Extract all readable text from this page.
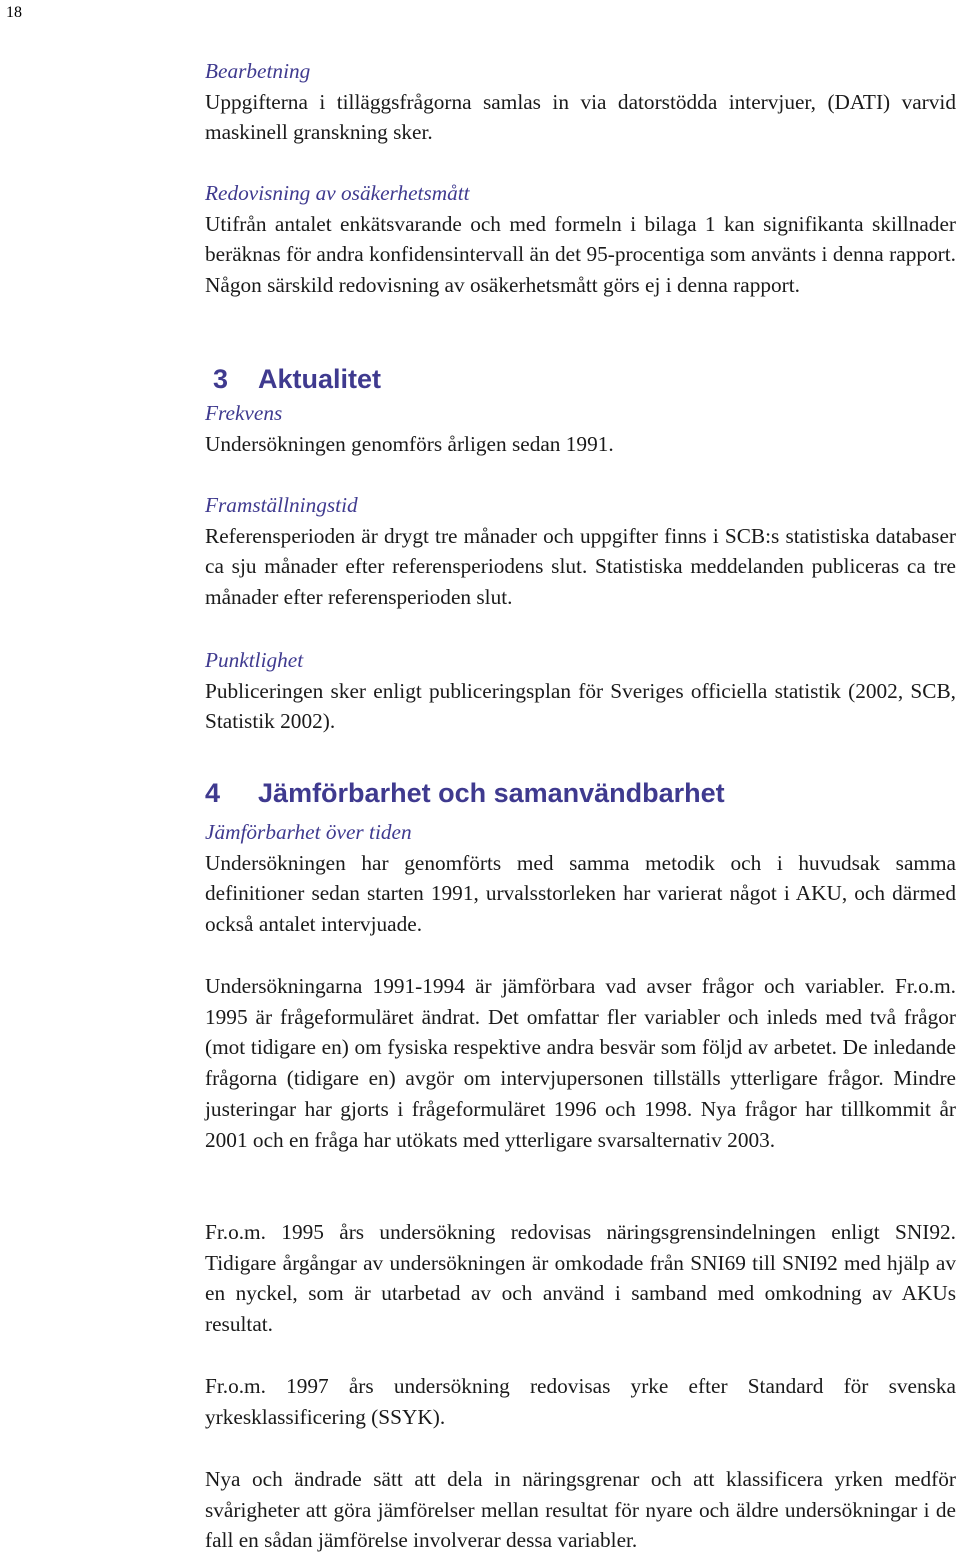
18
Bearbetning
Uppgifterna i tilläggsfrågorna samlas in via datorstödda intervjuer, (DATI) varvid maskinell granskning sker.
Redovisning av osäkerhetsmått
Utifrån antalet enkätsvarande och med formeln i bilaga 1 kan signifikanta skillnader beräknas för andra konfidensintervall än det 95-procentiga som använts i denna rapport. Någon särskild redovisning av osäkerhetsmått görs ej i denna rapport.
3 Aktualitet
Frekvens
Undersökningen genomförs årligen sedan 1991.
Framställningstid
Referensperioden är drygt tre månader och uppgifter finns i SCB:s statistiska databaser ca sju månader efter referensperiodens slut. Statistiska meddelanden publiceras ca tre månader efter referensperioden slut.
Punktlighet
Publiceringen sker enligt publiceringsplan för Sveriges officiella statistik (2002, SCB, Statistik 2002).
4 Jämförbarhet och samanvändbarhet
Jämförbarhet över tiden
Undersökningen har genomförts med samma metodik och i huvudsak samma definitioner sedan starten 1991, urvalsstorleken har varierat något i AKU, och därmed också antalet intervjuade.
Undersökningarna 1991-1994 är jämförbara vad avser frågor och variabler. Fr.o.m. 1995 är frågeformuläret ändrat. Det omfattar fler variabler och inleds med två frågor (mot tidigare en) om fysiska respektive andra besvär som följd av arbetet. De inledande frågorna (tidigare en) avgör om intervjupersonen tillställs ytterligare frågor. Mindre justeringar har gjorts i frågeformuläret 1996 och 1998. Nya frågor har tillkommit år 2001 och en fråga har utökats med ytterligare svarsalternativ 2003.
Fr.o.m. 1995 års undersökning redovisas näringsgrensindelningen enligt SNI92. Tidigare årgångar av undersökningen är omkodade från SNI69 till SNI92 med hjälp av en nyckel, som är utarbetad av och använd i samband med omkodning av AKUs resultat.
Fr.o.m. 1997 års undersökning redovisas yrke efter Standard för svenska yrkesklassificering (SSYK).
Nya och ändrade sätt att dela in näringsgrenar och att klassificera yrken medför svårigheter att göra jämförelser mellan resultat för nyare och äldre undersökningar i de fall en sådan jämförelse involverar dessa variabler.
